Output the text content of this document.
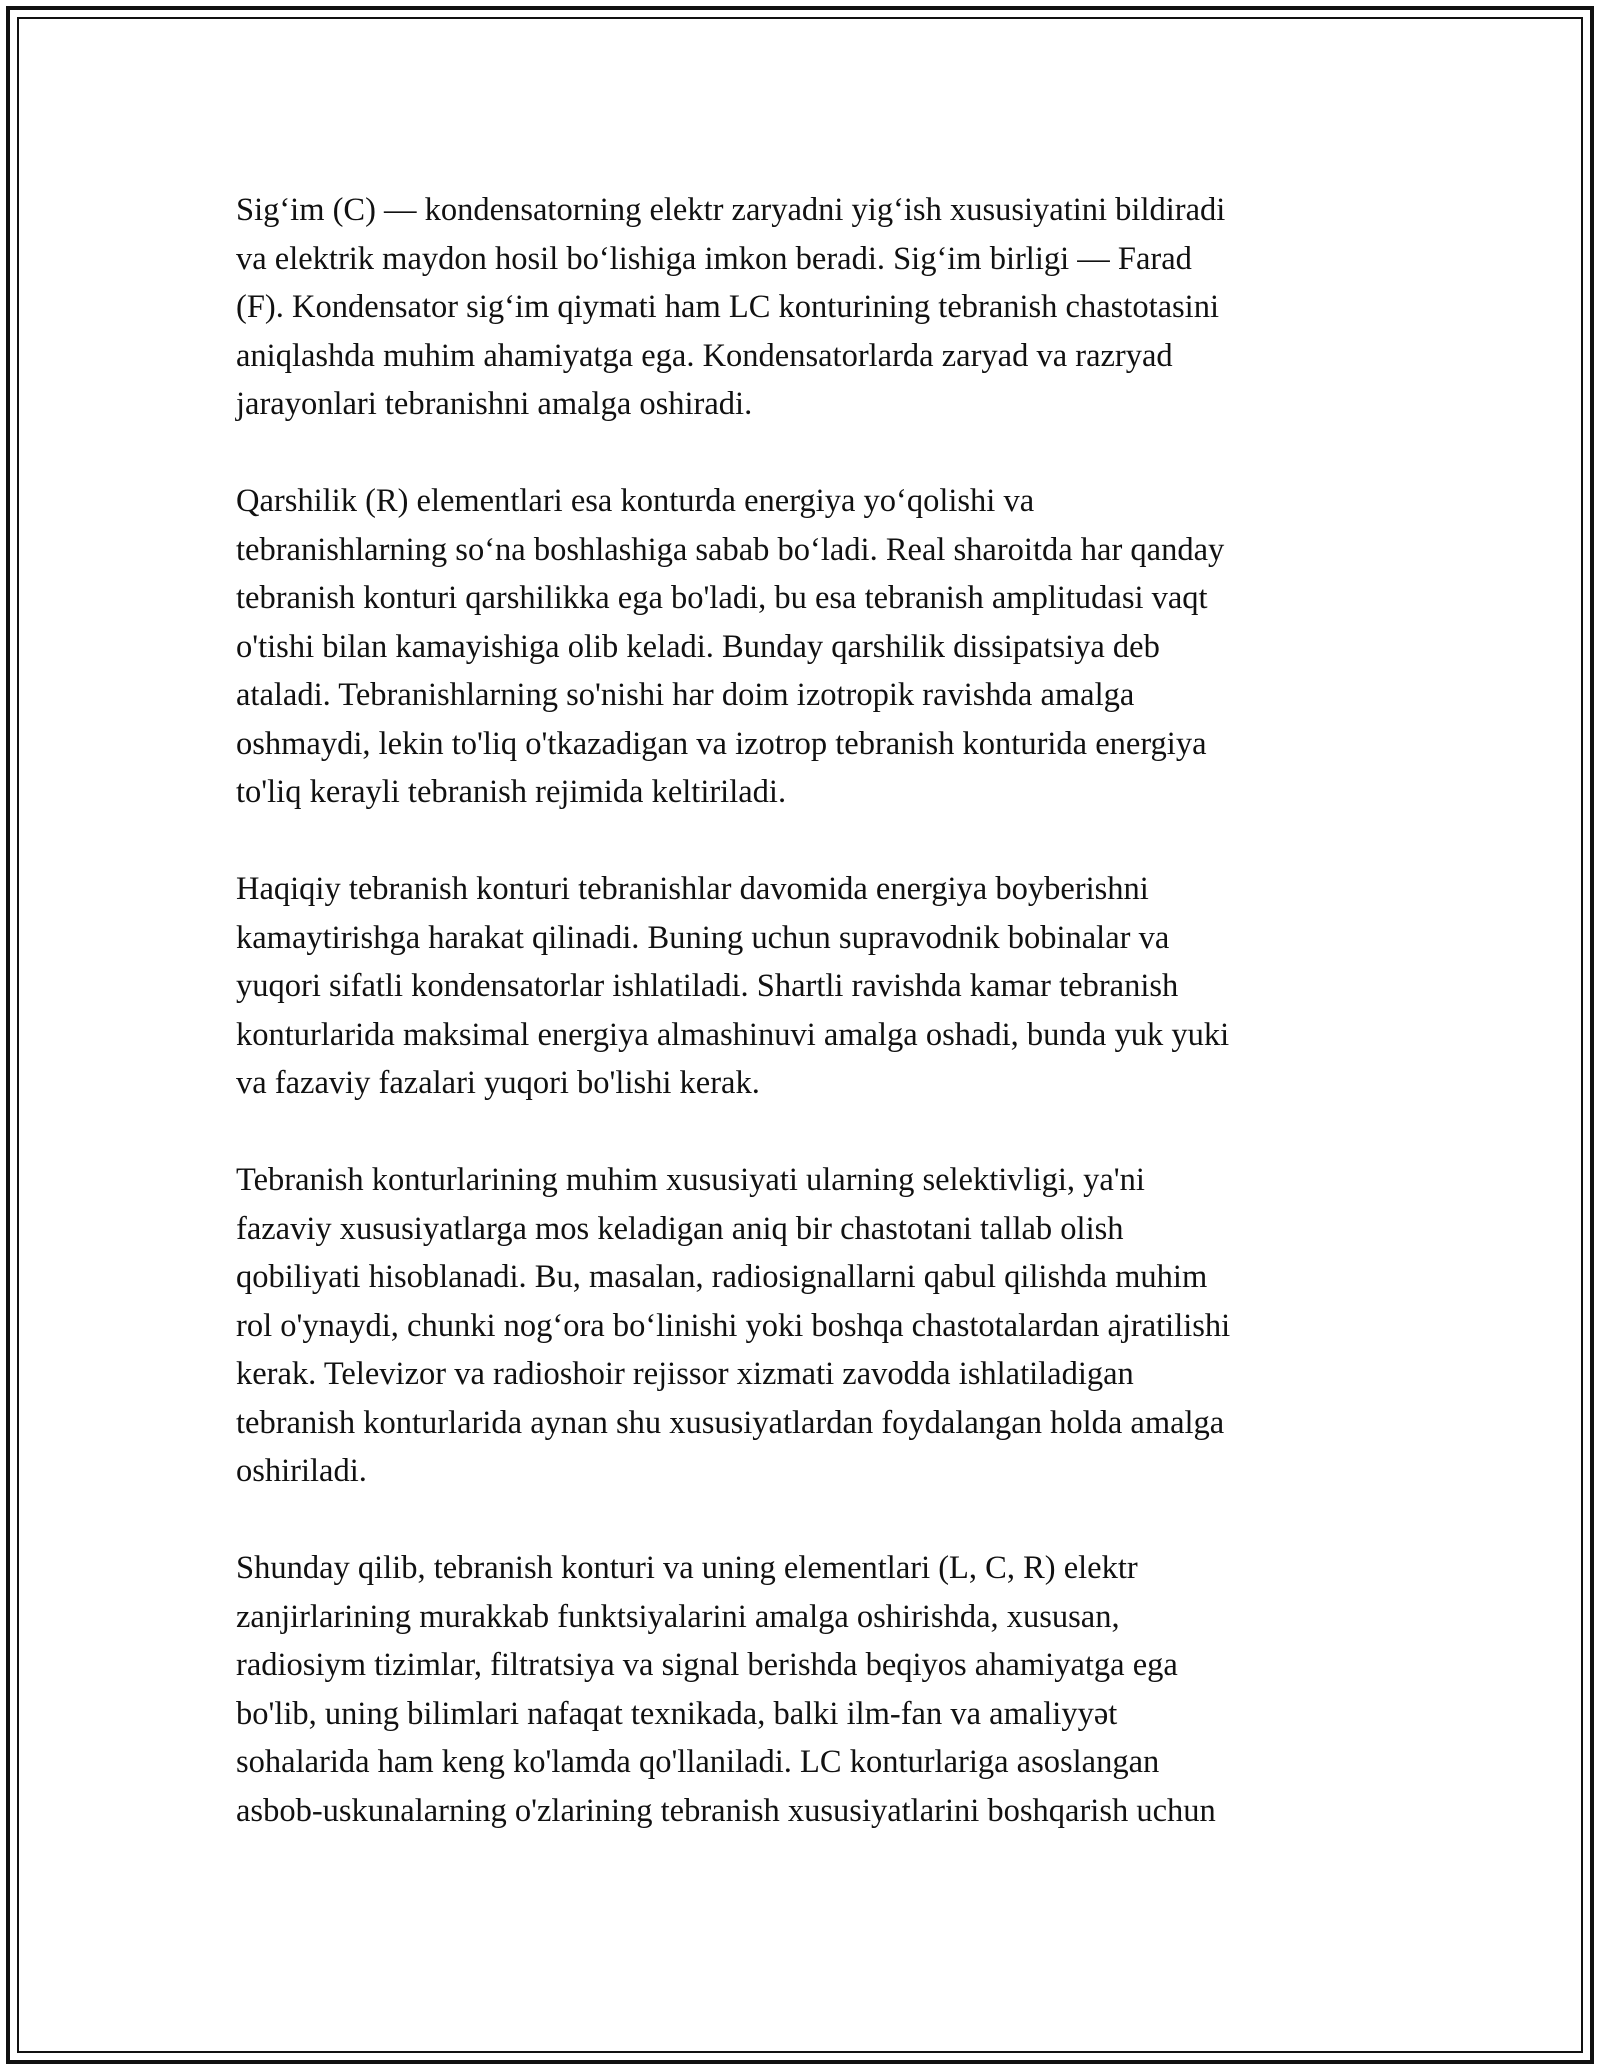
Sig‘im (C) — kondensatorning elektr zaryadni yig‘ish xususiyatini bildiradi
va elektrik maydon hosil bo‘lishiga imkon beradi. Sig‘im birligi — Farad
(F). Kondensator sig‘im qiymati ham LC konturining tebranish chastotasini
aniqlashda muhim ahamiyatga ega. Kondensatorlarda zaryad va razryad
jarayonlari tebranishni amalga oshiradi.

Qarshilik (R) elementlari esa konturda energiya yo‘qolishi va
tebranishlarning so‘na boshlashiga sabab bo‘ladi. Real sharoitda har qanday
tebranish konturi qarshilikka ega bo'ladi, bu esa tebranish amplitudasi vaqt
o'tishi bilan kamayishiga olib keladi. Bunday qarshilik dissipatsiya deb
ataladi. Tebranishlarning so'nishi har doim izotropik ravishda amalga
oshmaydi, lekin to'liq o'tkazadigan va izotrop tebranish konturida energiya
to'liq kerayli tebranish rejimida keltiriladi.

Haqiqiy tebranish konturi tebranishlar davomida energiya boyberishni
kamaytirishga harakat qilinadi. Buning uchun supravodnik bobinalar va
yuqori sifatli kondensatorlar ishlatiladi. Shartli ravishda kamar tebranish
konturlarida maksimal energiya almashinuvi amalga oshadi, bunda yuk yuki
va fazaviy fazalari yuqori bo'lishi kerak.

Tebranish konturlarining muhim xususiyati ularning selektivligi, ya'ni
fazaviy xususiyatlarga mos keladigan aniq bir chastotani tallab olish
qobiliyati hisoblanadi. Bu, masalan, radiosignallarni qabul qilishda muhim
rol o'ynaydi, chunki nog‘ora bo‘linishi yoki boshqa chastotalardan ajratilishi
kerak. Televizor va radioshoir rejissor xizmati zavodda ishlatiladigan
tebranish konturlarida aynan shu xususiyatlardan foydalangan holda amalga
oshiriladi.

Shunday qilib, tebranish konturi va uning elementlari (L, C, R) elektr
zanjirlarining murakkab funktsiyalarini amalga oshirishda, xususan,
radiosiym tizimlar, filtratsiya va signal berishda beqiyos ahamiyatga ega
bo'lib, uning bilimlari nafaqat texnikada, balki ilm-fan va amaliyyət
sohalarida ham keng ko'lamda qo'llaniladi. LC konturlariga asoslangan
asbob-uskunalarning o'zlarining tebranish xususiyatlarini boshqarish uchun
